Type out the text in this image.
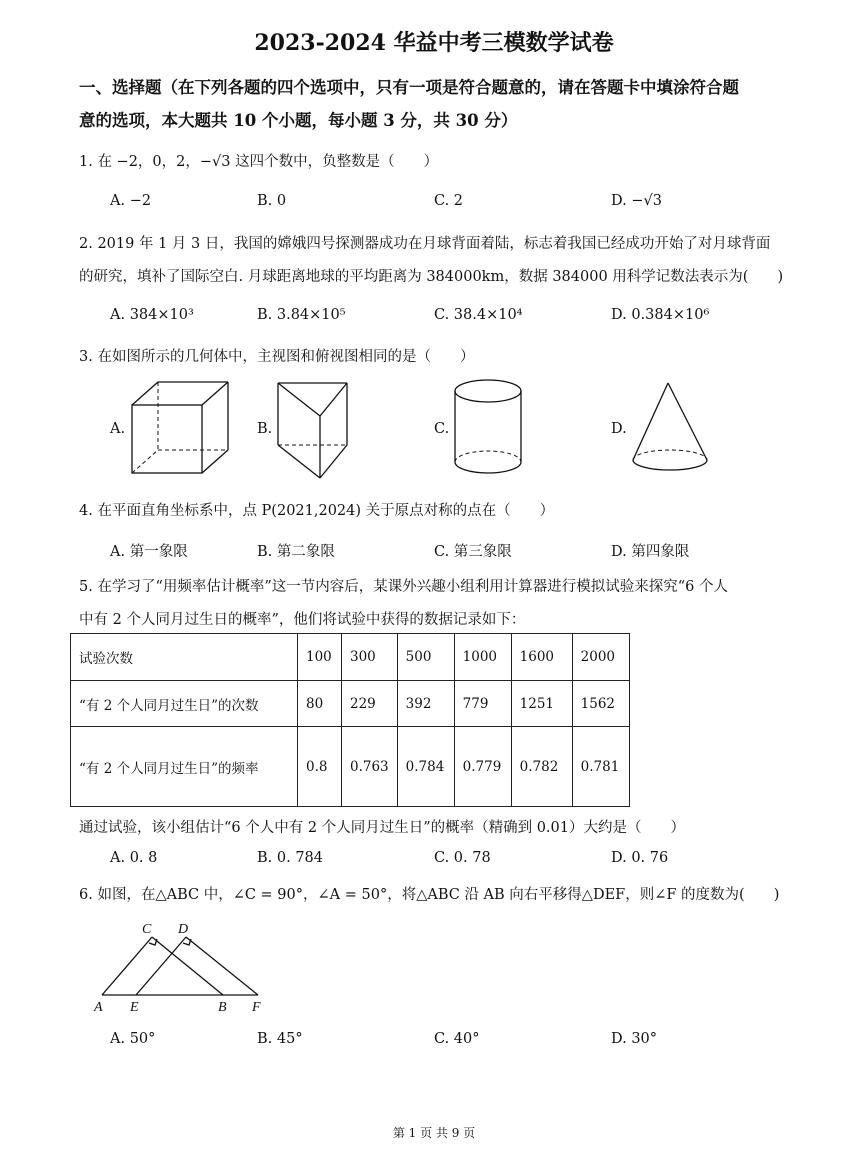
2023-2024 华益中考三模数学试卷
一、选择题（在下列各题的四个选项中，只有一项是符合题意的，请在答题卡中填涂符合题
意的选项，本大题共 10 个小题，每小题 3 分，共 30 分）
1. 在 −2，0，2，−√3 这四个数中，负整数是（　　）
A. −2	B. 0	C. 2	D. −√3
2. 2019 年 1 月 3 日，我国的嫦娥四号探测器成功在月球背面着陆，标志着我国已经成功开始了对月球背面
的研究，填补了国际空白. 月球距离地球的平均距离为 384000km，数据 384000 用科学记数法表示为(　　)
A. 384×10³	B. 3.84×10⁵	C. 38.4×10⁴	D. 0.384×10⁶
3. 在如图所示的几何体中，主视图和俯视图相同的是（　　）
A.	B.	C.	D.
4. 在平面直角坐标系中，点 P(2021,2024) 关于原点对称的点在（　　）
A. 第一象限	B. 第二象限	C. 第三象限	D. 第四象限
5. 在学习了“用频率估计概率”这一节内容后，某课外兴趣小组利用计算器进行模拟试验来探究“6 个人
中有 2 个人同月过生日的概率”，他们将试验中获得的数据记录如下：
试验次数	100	300	500	1000	1600	2000
“有 2 个人同月过生日”的次数	80	229	392	779	1251	1562
“有 2 个人同月过生日”的频率	0.8	0.763	0.784	0.779	0.782	0.781
通过试验，该小组估计“6 个人中有 2 个人同月过生日”的概率（精确到 0.01）大约是（　　）
A. 0. 8	B. 0. 784	C. 0. 78	D. 0. 76
6. 如图，在△ABC 中，∠C = 90°，∠A = 50°，将△ABC 沿 AB 向右平移得△DEF，则∠F 的度数为(　　)
C D
A E	B F
A. 50°	B. 45°	C. 40°	D. 30°
第 1 页 共 9 页
